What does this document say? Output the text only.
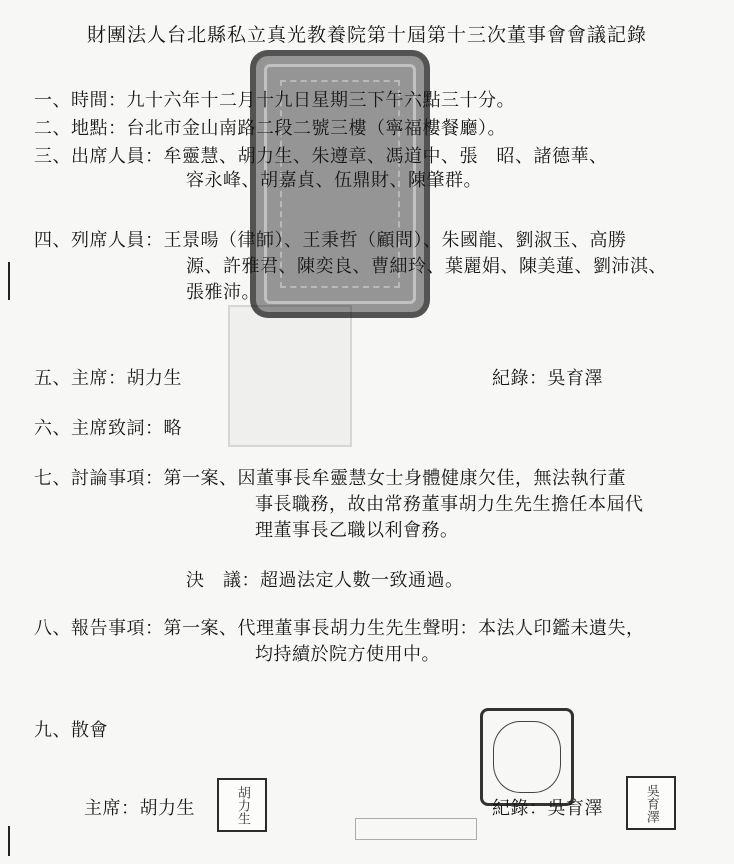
財團法人台北縣私立真光教養院第十屆第十三次董事會會議記錄
一、時間：九十六年十二月十九日星期三下午六點三十分。
二、地點：台北市金山南路二段二號三樓（寧福樓餐廳）。
三、出席人員：牟靈慧、胡力生、朱遵章、馮道中、張　昭、諸德華、
容永峰、胡嘉貞、伍鼎財、陳肇群。
四、列席人員：王景暘（律師）、王秉哲（顧問）、朱國龍、劉淑玉、高勝
源、許雅君、陳奕良、曹細玲、葉麗娟、陳美蓮、劉沛淇、
張雅沛。
五、主席：胡力生	紀錄：吳育澤
六、主席致詞：略
七、討論事項：第一案、因董事長牟靈慧女士身體健康欠佳，無法執行董
事長職務，故由常務董事胡力生先生擔任本屆代
理董事長乙職以利會務。
決　議：超過法定人數一致通過。
八、報告事項：第一案、代理董事長胡力生先生聲明：本法人印鑑未遺失，
均持續於院方使用中。
九、散會
主席：胡力生	胡力生	紀錄：吳育澤	吳育澤
